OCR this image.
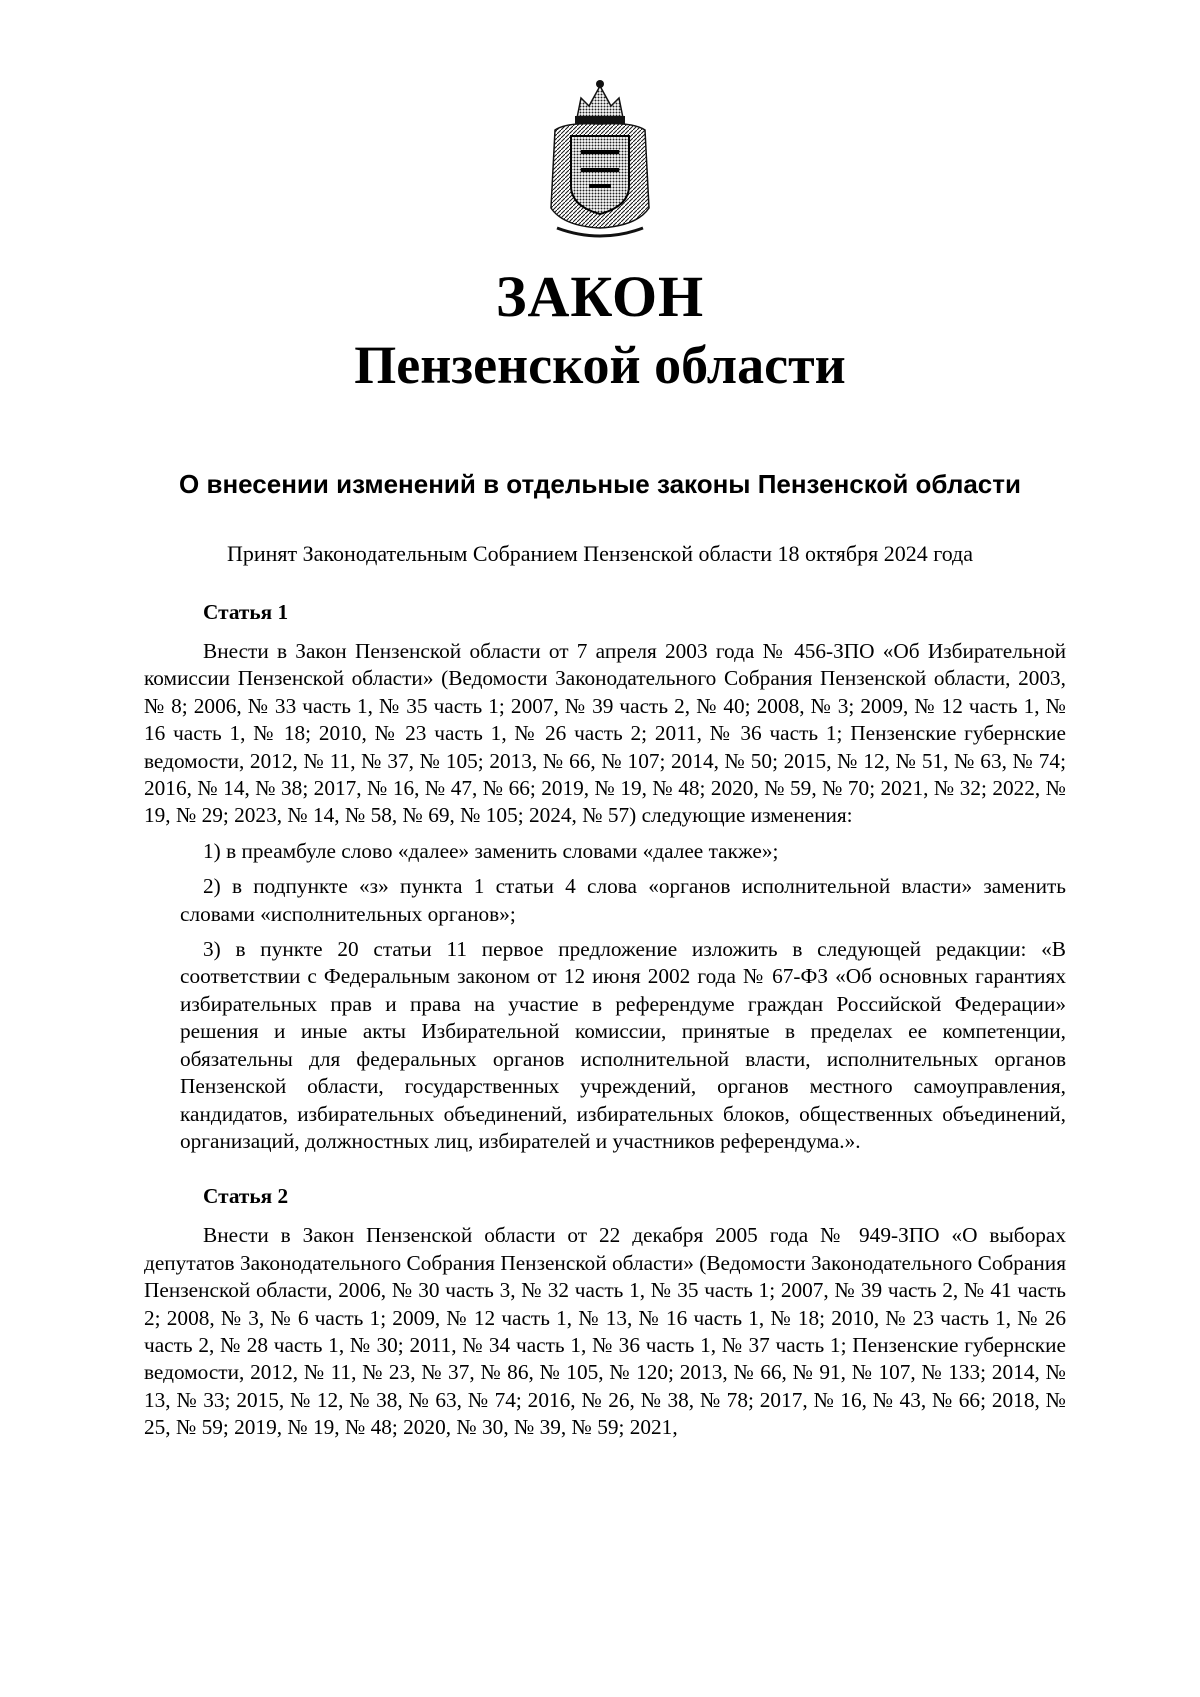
ЗАКОН
Пензенской области
О внесении изменений в отдельные законы Пензенской области
Принят Законодательным Собранием Пензенской области 18 октября 2024 года
Статья 1

Внести в Закон Пензенской области от 7 апреля 2003 года № 456-ЗПО «Об Избирательной комиссии Пензенской области» (Ведомости Законодательного Собрания Пензенской области, 2003, № 8; 2006, № 33 часть 1, № 35 часть 1; 2007, № 39 часть 2, № 40; 2008, № 3; 2009, № 12 часть 1, № 16 часть 1, № 18; 2010, № 23 часть 1, № 26 часть 2; 2011, № 36 часть 1; Пензенские губернские ведомости, 2012, № 11, № 37, № 105; 2013, № 66, № 107; 2014, № 50; 2015, № 12, № 51, № 63, № 74; 2016, № 14, № 38; 2017, № 16, № 47, № 66; 2019, № 19, № 48; 2020, № 59, № 70; 2021, № 32; 2022, № 19, № 29; 2023, № 14, № 58, № 69, № 105; 2024, № 57) следующие изменения:

1) в преамбуле слово «далее» заменить словами «далее также»;

2) в подпункте «з» пункта 1 статьи 4 слова «органов исполнительной власти» заменить словами «исполнительных органов»;

3) в пункте 20 статьи 11 первое предложение изложить в следующей редакции: «В соответствии с Федеральным законом от 12 июня 2002 года № 67-ФЗ «Об основных гарантиях избирательных прав и права на участие в референдуме граждан Российской Федерации» решения и иные акты Избирательной комиссии, принятые в пределах ее компетенции, обязательны для федеральных органов исполнительной власти, исполнительных органов Пензенской области, государственных учреждений, органов местного самоуправления, кандидатов, избирательных объединений, избирательных блоков, общественных объединений, организаций, должностных лиц, избирателей и участников референдума.».

Статья 2

Внести в Закон Пензенской области от 22 декабря 2005 года № 949-ЗПО «О выборах депутатов Законодательного Собрания Пензенской области» (Ведомости Законодательного Собрания Пензенской области, 2006, № 30 часть 3, № 32 часть 1, № 35 часть 1; 2007, № 39 часть 2, № 41 часть 2; 2008, № 3, № 6 часть 1; 2009, № 12 часть 1, № 13, № 16 часть 1, № 18; 2010, № 23 часть 1, № 26 часть 2, № 28 часть 1, № 30; 2011, № 34 часть 1, № 36 часть 1, № 37 часть 1; Пензенские губернские ведомости, 2012, № 11, № 23, № 37, № 86, № 105, № 120; 2013, № 66, № 91, № 107, № 133; 2014, № 13, № 33; 2015, № 12, № 38, № 63, № 74; 2016, № 26, № 38, № 78; 2017, № 16, № 43, № 66; 2018, № 25, № 59; 2019, № 19, № 48; 2020, № 30, № 39, № 59; 2021,
